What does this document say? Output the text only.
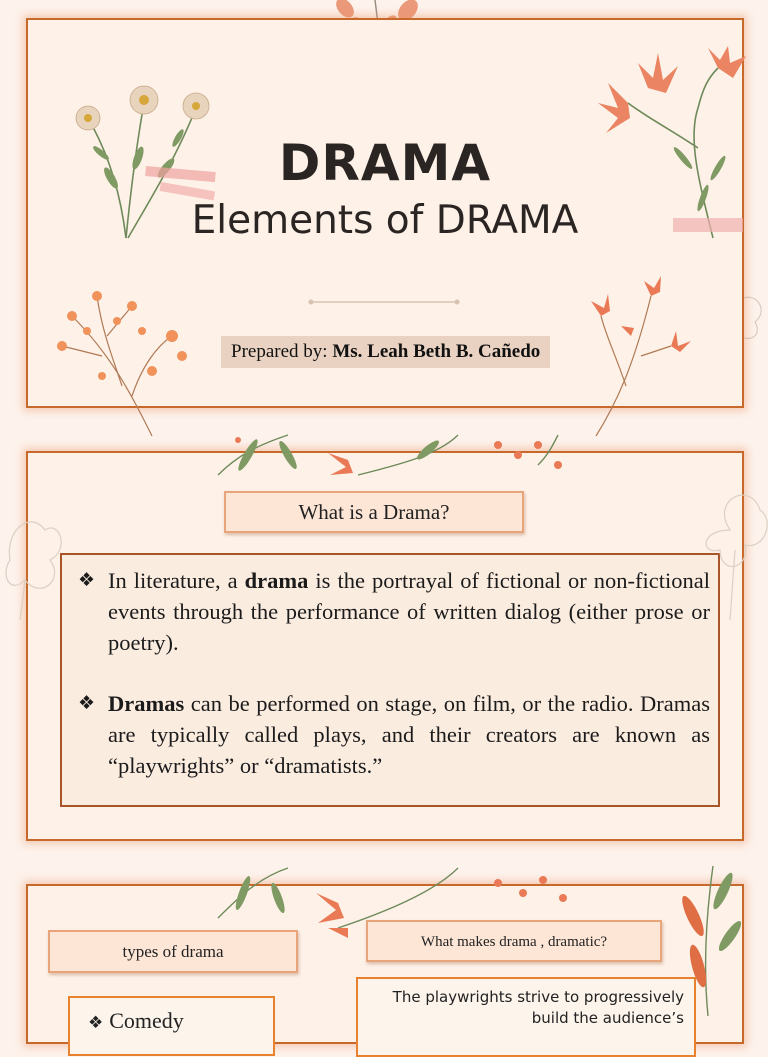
DRAMA
Elements of DRAMA
Prepared by: Ms. Leah Beth B. Cañedo
What is a Drama?
❖ In literature, a drama is the portrayal of fictional or non-fictional events through the performance of written dialog (either prose or poetry).
❖ Dramas can be performed on stage, on film, or the radio. Dramas are typically called plays, and their creators are known as “playwrights” or “dramatists.”
types of drama	What makes drama , dramatic?
❖ Comedy
The playwrights strive to progressively build the audience’s
